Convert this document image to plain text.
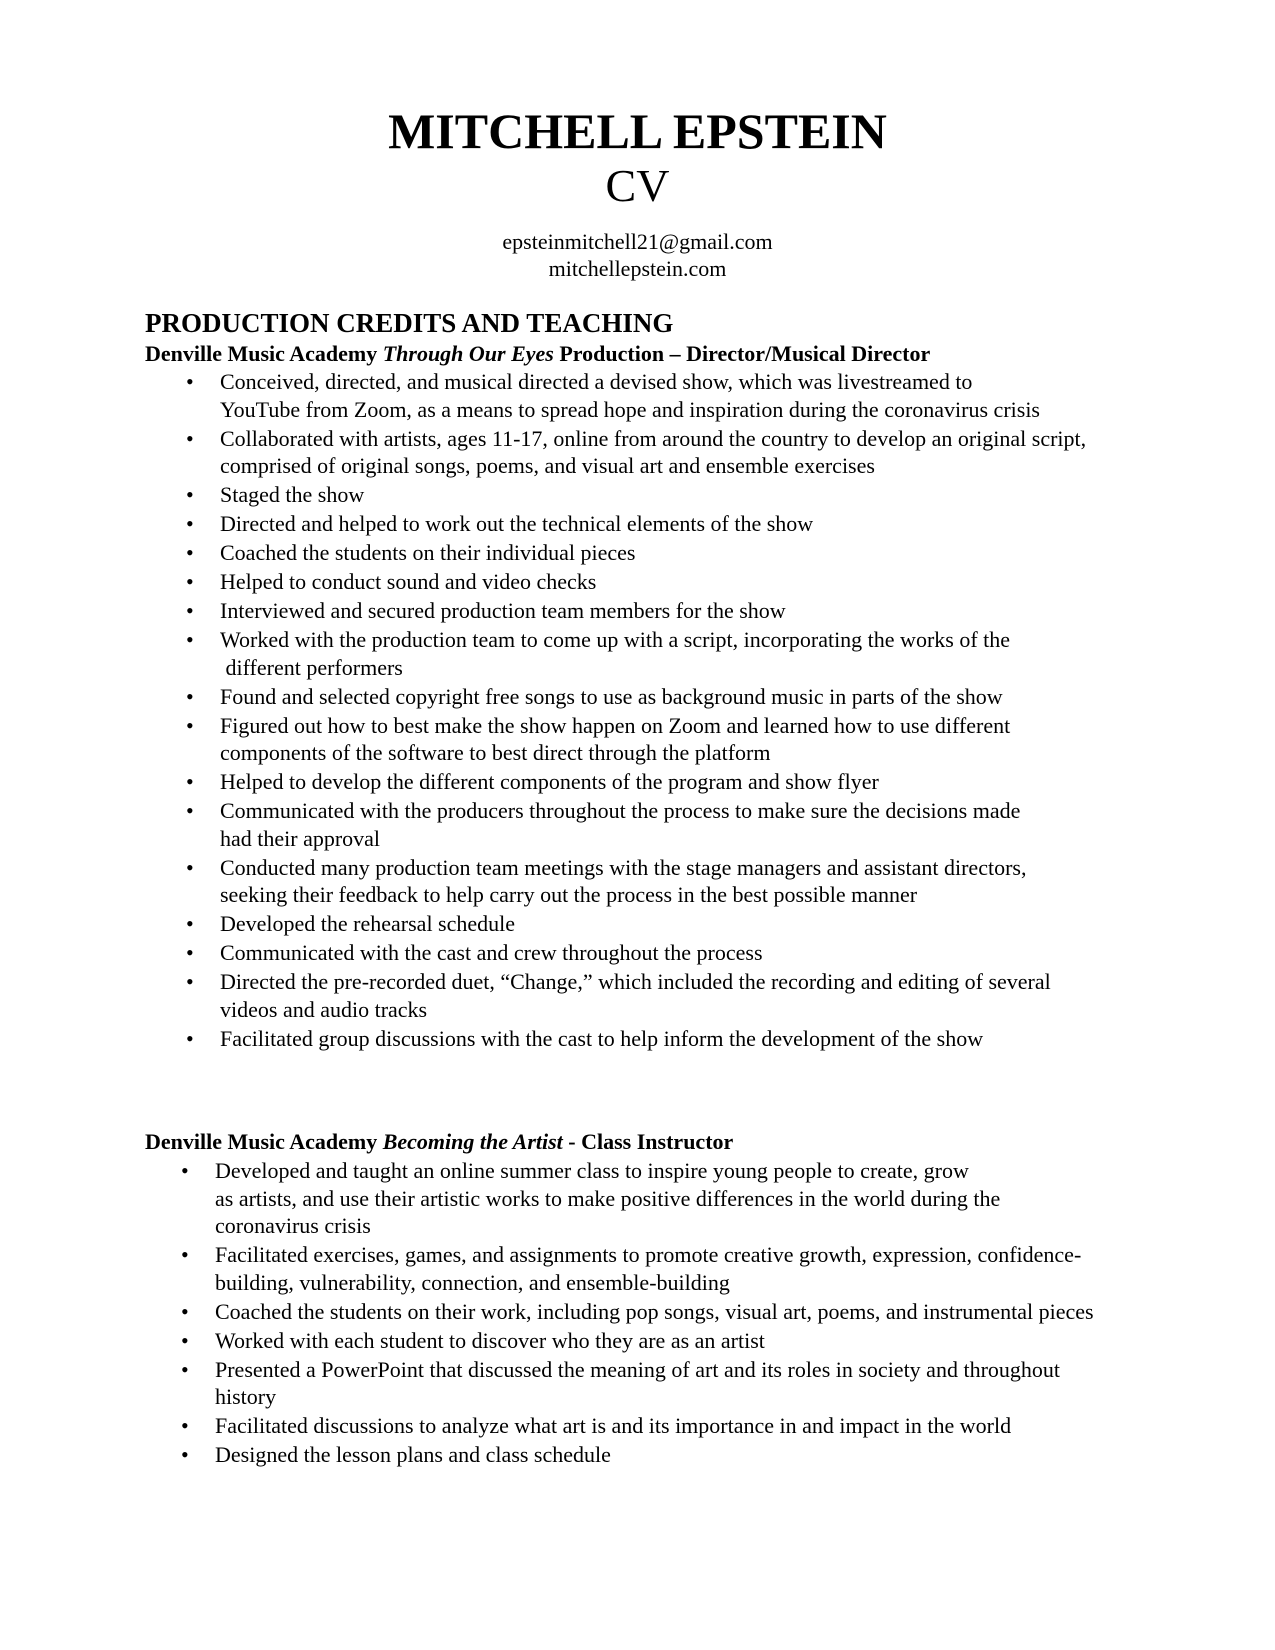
MITCHELL EPSTEIN
CV
epsteinmitchell21@gmail.com
mitchellepstein.com
PRODUCTION CREDITS AND TEACHING
Denville Music Academy Through Our Eyes Production – Director/Musical Director
• Conceived, directed, and musical directed a devised show, which was livestreamed to
YouTube from Zoom, as a means to spread hope and inspiration during the coronavirus crisis
• Collaborated with artists, ages 11-17, online from around the country to develop an original script,
comprised of original songs, poems, and visual art and ensemble exercises
• Staged the show
• Directed and helped to work out the technical elements of the show
• Coached the students on their individual pieces
• Helped to conduct sound and video checks
• Interviewed and secured production team members for the show
• Worked with the production team to come up with a script, incorporating the works of the
different performers
• Found and selected copyright free songs to use as background music in parts of the show
• Figured out how to best make the show happen on Zoom and learned how to use different
components of the software to best direct through the platform
• Helped to develop the different components of the program and show flyer
• Communicated with the producers throughout the process to make sure the decisions made
had their approval
• Conducted many production team meetings with the stage managers and assistant directors,
seeking their feedback to help carry out the process in the best possible manner
• Developed the rehearsal schedule
• Communicated with the cast and crew throughout the process
• Directed the pre-recorded duet, “Change,” which included the recording and editing of several
videos and audio tracks
• Facilitated group discussions with the cast to help inform the development of the show
Denville Music Academy Becoming the Artist - Class Instructor
• Developed and taught an online summer class to inspire young people to create, grow
as artists, and use their artistic works to make positive differences in the world during the
coronavirus crisis
• Facilitated exercises, games, and assignments to promote creative growth, expression, confidence-
building, vulnerability, connection, and ensemble-building
• Coached the students on their work, including pop songs, visual art, poems, and instrumental pieces
• Worked with each student to discover who they are as an artist
• Presented a PowerPoint that discussed the meaning of art and its roles in society and throughout
history
• Facilitated discussions to analyze what art is and its importance in and impact in the world
• Designed the lesson plans and class schedule
